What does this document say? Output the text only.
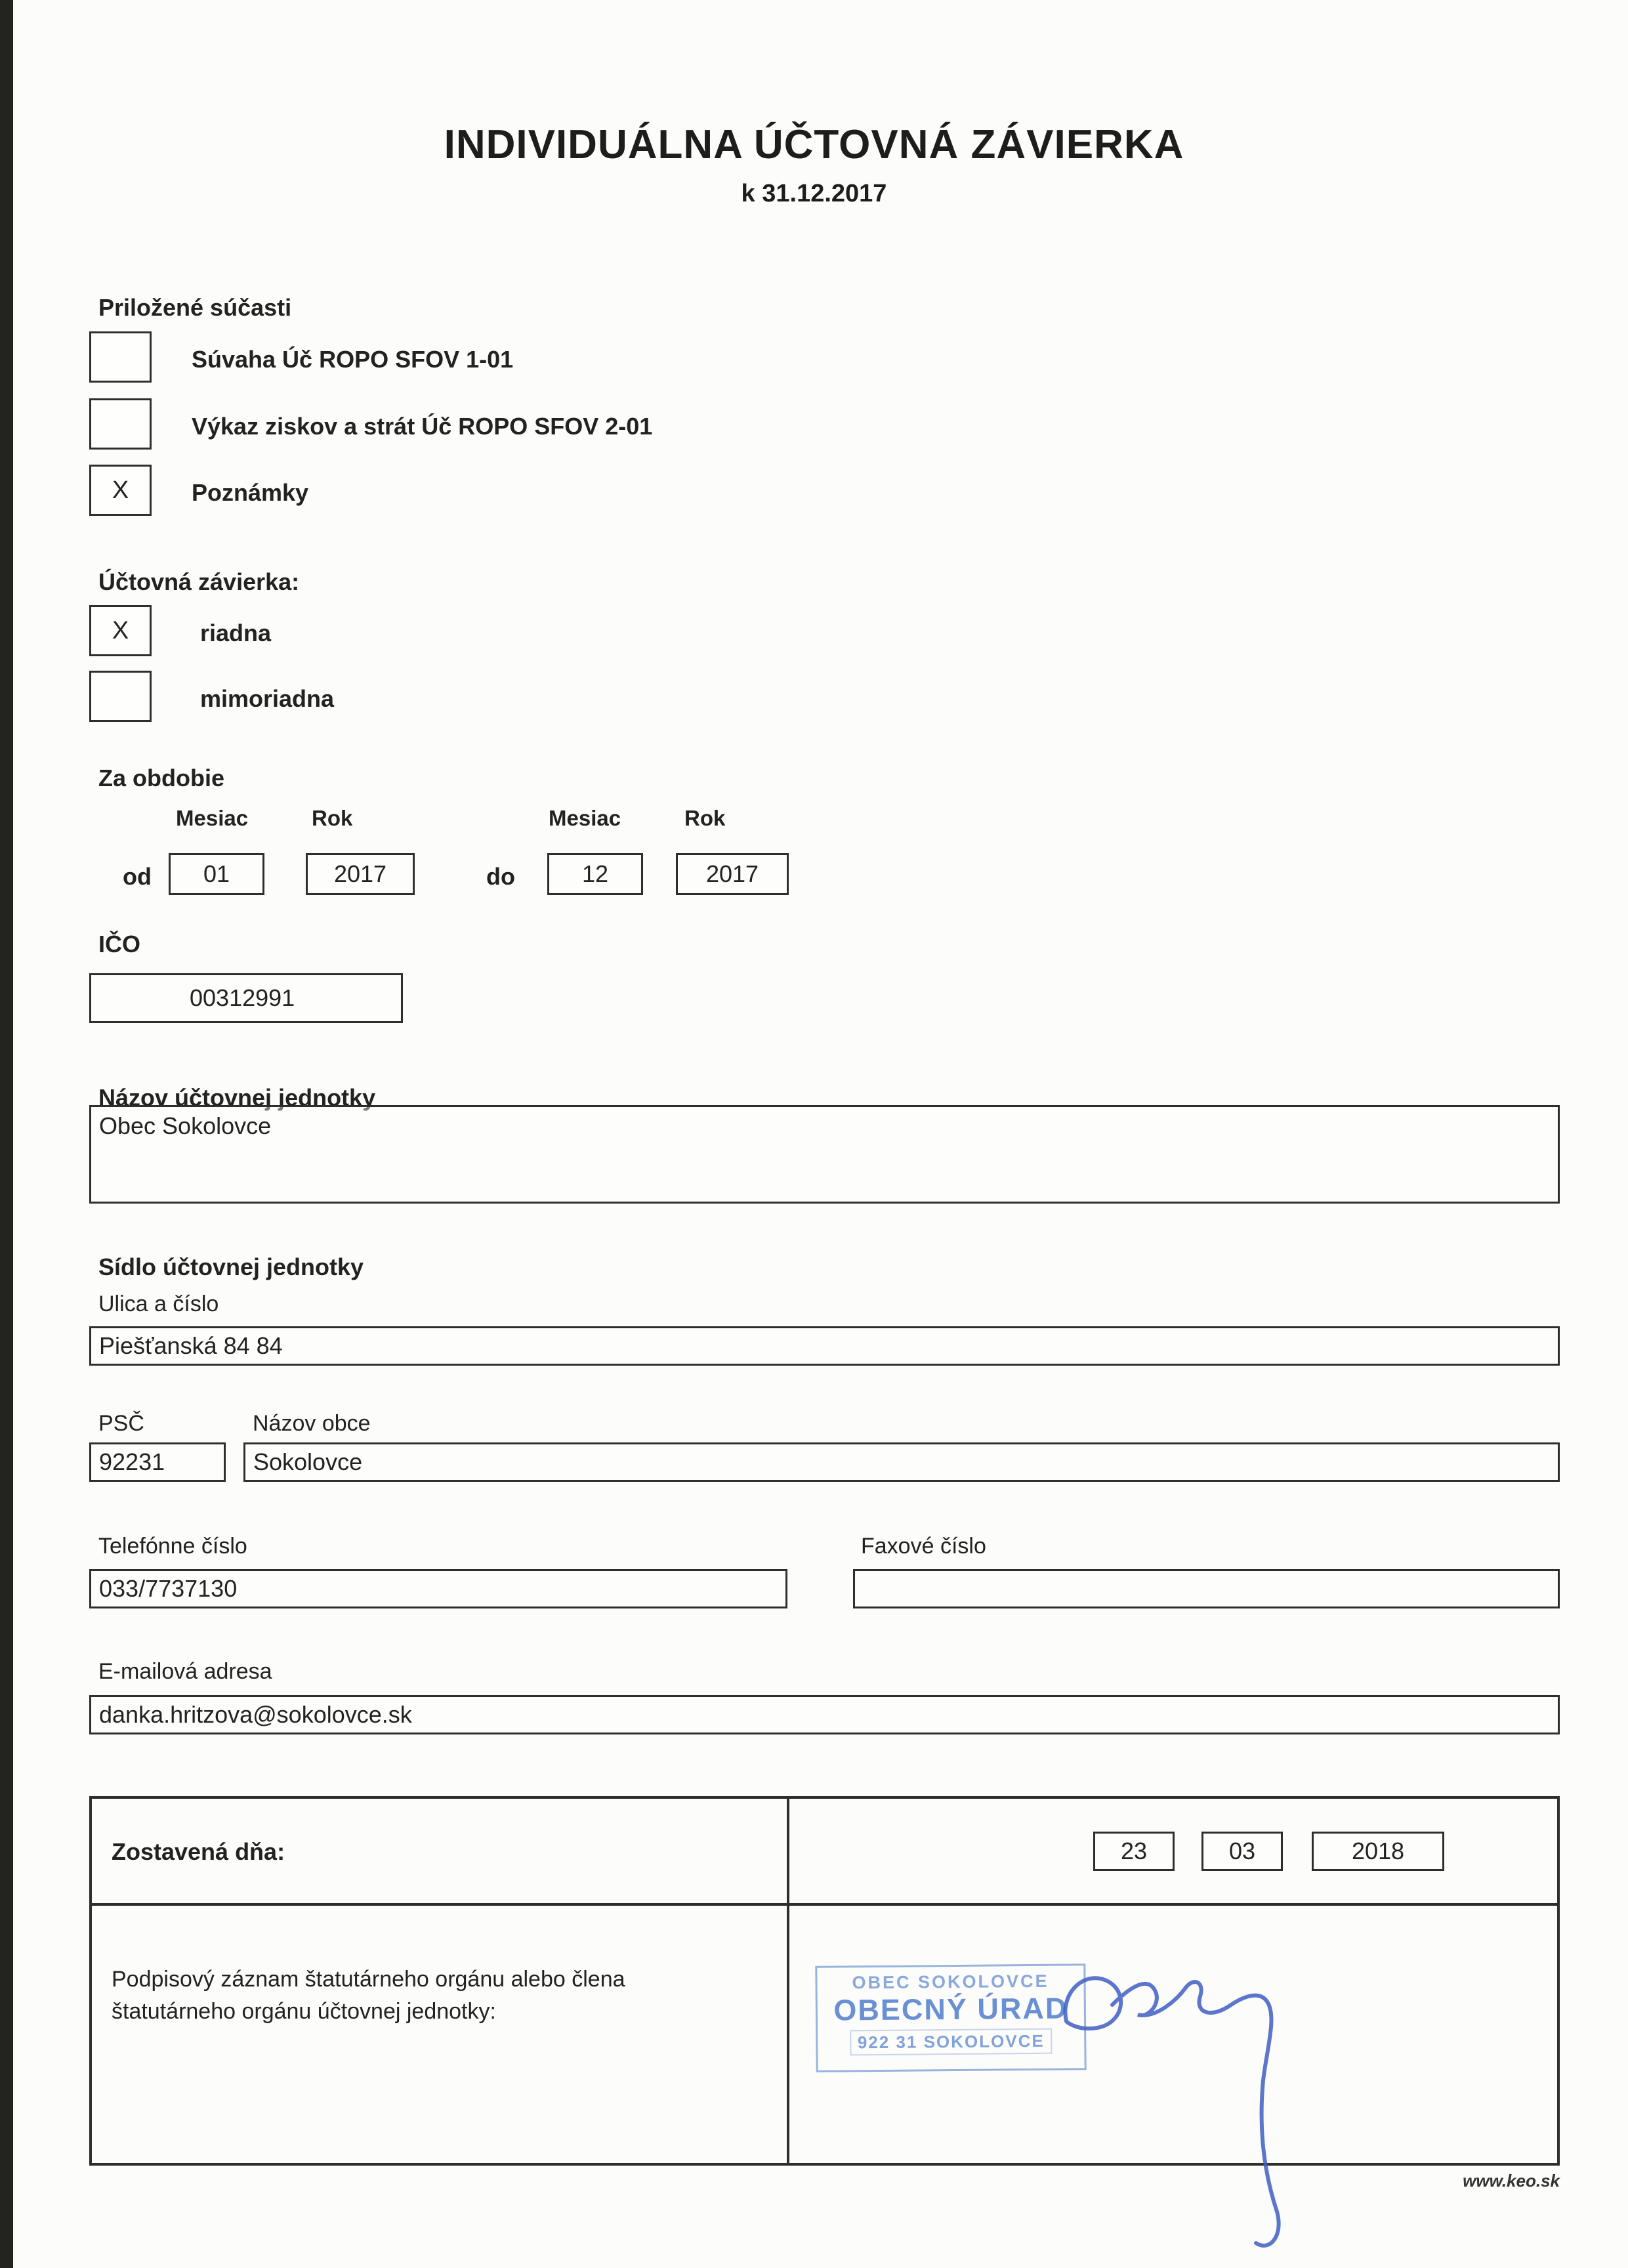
INDIVIDUÁLNA ÚČTOVNÁ ZÁVIERKA
k 31.12.2017
Priložené súčasti
Súvaha Úč ROPO SFOV 1-01
Výkaz ziskov a strát Úč ROPO SFOV 2-01
X	Poznámky
Účtovná závierka:
X	riadna
mimoriadna
Za obdobie
Mesiac	Rok	Mesiac	Rok
od 01	2017	do	12	2017
IČO
00312991
Názov účtovnej jednotky
Obec Sokolovce
Sídlo účtovnej jednotky
Ulica a číslo
Piešťanská 84 84
PSČ	Názov obce
92231	Sokolovce
Telefónne číslo	Faxové číslo
033/7737130
E-mailová adresa
danka.hritzova@sokolovce.sk
Zostavená dňa:	23	03	2018
Podpisový záznam štatutárneho orgánu alebo člena štatutárneho orgánu účtovnej jednotky:
OBEC SOKOLOVCE
OBECNÝ ÚRAD
922 31 SOKOLOVCE
www.keo.sk
